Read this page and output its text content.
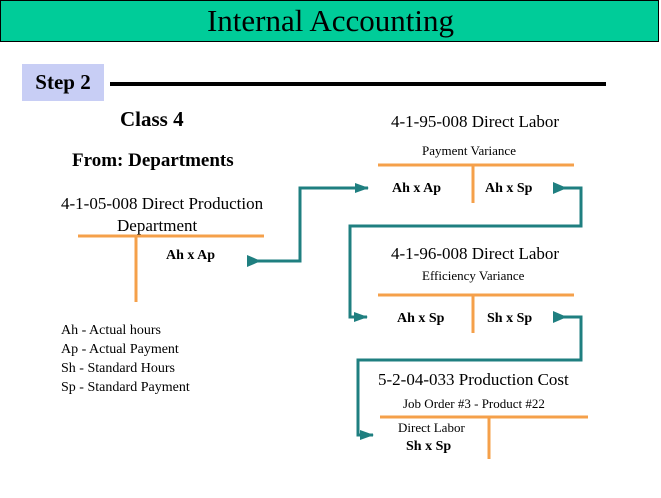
Internal Accounting
Step 2
Class 4
From: Departments
4-1-05-008 Direct Production
Department
Ah x Ap
4-1-95-008 Direct Labor
Payment Variance
Ah x Ap	Ah x Sp
4-1-96-008 Direct Labor
Efficiency Variance
Ah x Sp	Sh x Sp
5-2-04-033 Production Cost
Job Order #3 - Product #22
Direct Labor
Sh x Sp
Ah - Actual hours
Ap - Actual Payment
Sh - Standard Hours
Sp - Standard Payment
